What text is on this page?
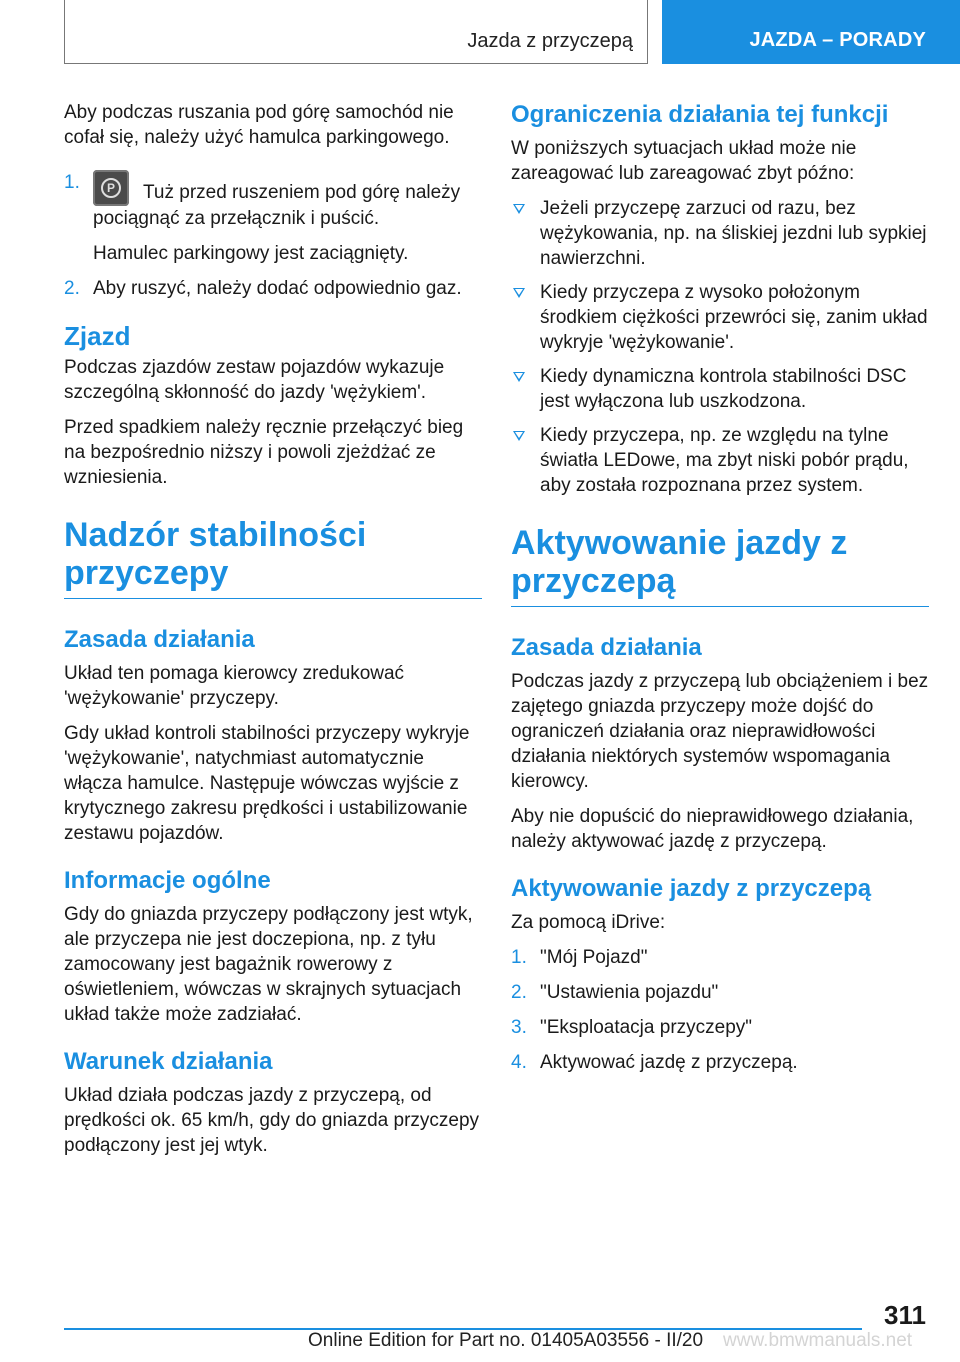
Jazda z przyczepą	JAZDA – PORADY

Aby podczas ruszania pod górę samochód nie cofał się, należy użyć hamulca parkingowego.

1.	P	Tuż przed ruszeniem pod górę należy pociągnąć za przełącznik i puścić.
Hamulec parkingowy jest zaciągnięty.
2. Aby ruszyć, należy dodać odpowiednio gaz.
Zjazd

Podczas zjazdów zestaw pojazdów wykazuje szczególną skłonność do jazdy 'wężykiem'.

Przed spadkiem należy ręcznie przełączyć bieg na bezpośrednio niższy i powoli zjeżdżać ze wzniesienia.

Nadzór stabilności przyczepy
Zasada działania

Układ ten pomaga kierowcy zredukować 'wężykowanie' przyczepy.

Gdy układ kontroli stabilności przyczepy wykryje 'wężykowanie', natychmiast automatycznie włącza hamulce. Następuje wówczas wyjście z krytycznego zakresu prędkości i ustabilizowanie zestawu pojazdów.

Informacje ogólne

Gdy do gniazda przyczepy podłączony jest wtyk, ale przyczepa nie jest doczepiona, np. z tyłu zamocowany jest bagażnik rowerowy z oświetleniem, wówczas w skrajnych sytuacjach układ także może zadziałać.

Warunek działania

Układ działa podczas jazdy z przyczepą, od prędkości ok. 65 km/h, gdy do gniazda przyczepy podłączony jest jej wtyk.

Ograniczenia działania tej funkcji

W poniższych sytuacjach układ może nie zareagować lub zareagować zbyt późno:

Jeżeli przyczepę zarzuci od razu, bez wężykowania, np. na śliskiej jezdni lub sypkiej nawierzchni.
Kiedy przyczepa z wysoko położonym środkiem ciężkości przewróci się, zanim układ wykryje 'wężykowanie'.
Kiedy dynamiczna kontrola stabilności DSC jest wyłączona lub uszkodzona.
Kiedy przyczepa, np. ze względu na tylne światła LEDowe, ma zbyt niski pobór prądu, aby została rozpoznana przez system.
Aktywowanie jazdy z przyczepą
Zasada działania

Podczas jazdy z przyczepą lub obciążeniem i bez zajętego gniazda przyczepy może dojść do ograniczeń działania oraz nieprawidłowości działania niektórych systemów wspomagania kierowcy.

Aby nie dopuścić do nieprawidłowego działania, należy aktywować jazdę z przyczepą.

Aktywowanie jazdy z przyczepą

Za pomocą iDrive:

1. "Mój Pojazd"
2. "Ustawienia pojazdu"
3. "Eksploatacja przyczepy"
4. Aktywować jazdę z przyczepą.
311
Online Edition for Part no. 01405A03556 - II/20 www.bmwmanuals.net
